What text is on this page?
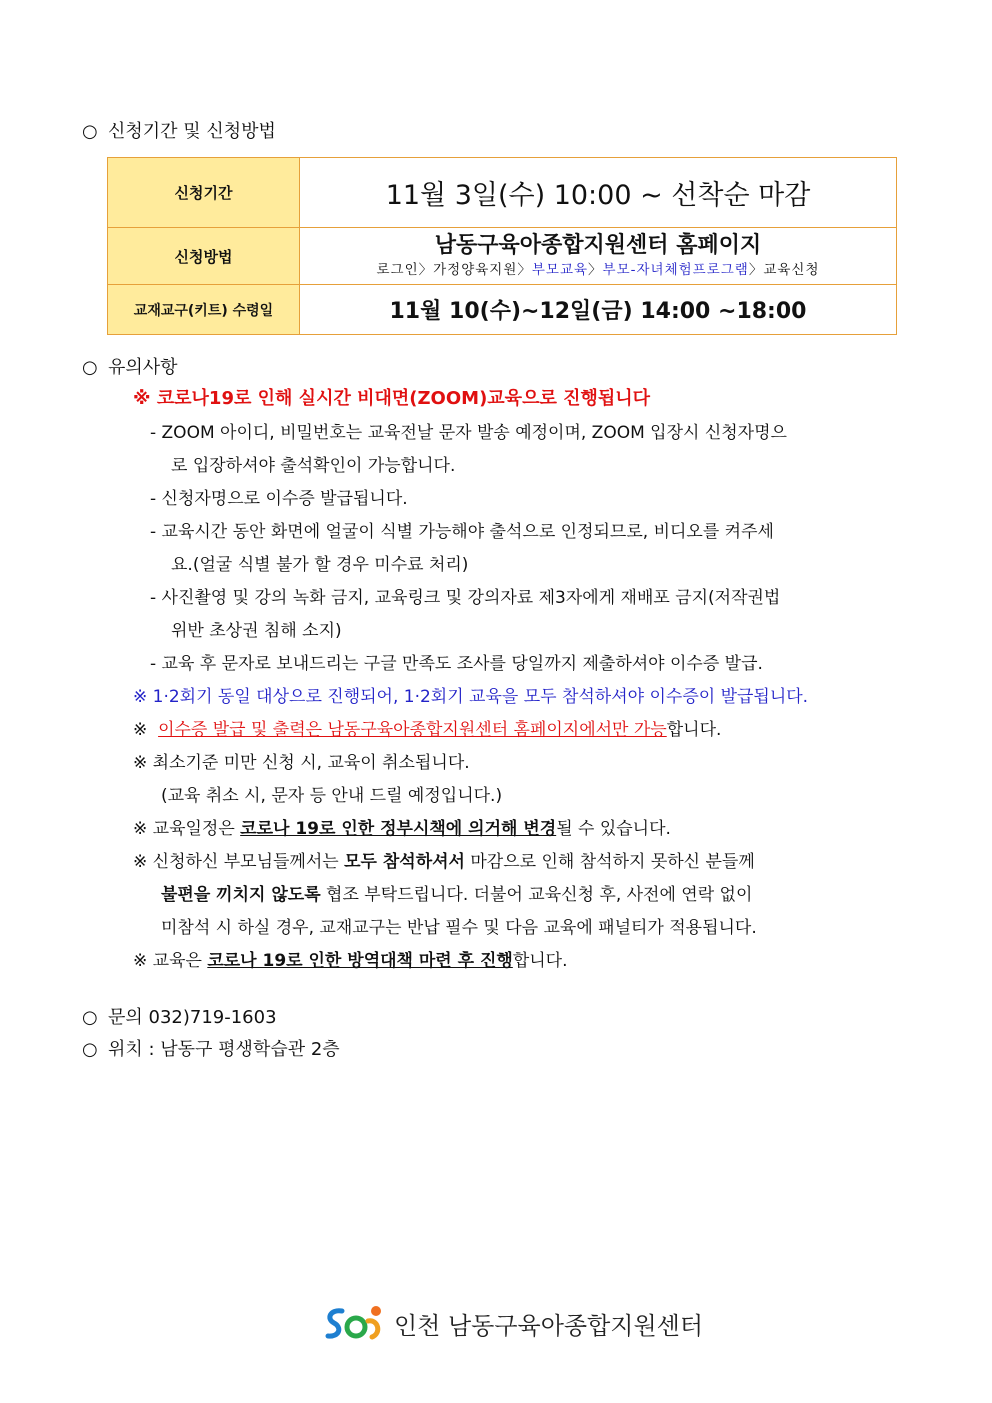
○ 신청기간 및 신청방법
신청기간	11월 3일(수) 10:00 ~ 선착순 마감
신청방법	남동구육아종합지원센터 홈페이지
로그인〉가정양육지원〉부모교육〉부모-자녀체험프로그램〉교육신청

교재교구(키트) 수령일	11월 10(수)~12일(금) 14:00 ~18:00
○ 유의사항
※ 코로나19로 인해 실시간 비대면(ZOOM)교육으로 진행됩니다
- ZOOM 아이디, 비밀번호는 교육전날 문자 발송 예정이며, ZOOM 입장시 신청자명으
로 입장하셔야 출석확인이 가능합니다.
- 신청자명으로 이수증 발급됩니다.
- 교육시간 동안 화면에 얼굴이 식별 가능해야 출석으로 인정되므로, 비디오를 켜주세
요.(얼굴 식별 불가 할 경우 미수료 처리)
- 사진촬영 및 강의 녹화 금지, 교육링크 및 강의자료 제3자에게 재배포 금지(저작권법
위반 초상권 침해 소지)
- 교육 후 문자로 보내드리는 구글 만족도 조사를 당일까지 제출하셔야 이수증 발급.
※ 1·2회기 동일 대상으로 진행되어, 1·2회기 교육을 모두 참석하셔야 이수증이 발급됩니다.
※ 이수증 발급 및 출력은 남동구육아종합지원센터 홈페이지에서만 가능합니다.
※ 최소기준 미만 신청 시, 교육이 취소됩니다.
(교육 취소 시, 문자 등 안내 드릴 예정입니다.)
※ 교육일정은 코로나 19로 인한 정부시책에 의거해 변경될 수 있습니다.
※ 신청하신 부모님들께서는 모두 참석하셔서 마감으로 인해 참석하지 못하신 분들께
불편을 끼치지 않도록 협조 부탁드립니다. 더불어 교육신청 후, 사전에 연락 없이
미참석 시 하실 경우, 교재교구는 반납 필수 및 다음 교육에 패널티가 적용됩니다.
※ 교육은 코로나 19로 인한 방역대책 마련 후 진행합니다.
○ 문의 032)719-1603
○ 위치 : 남동구 평생학습관 2층
인천 남동구육아종합지원센터
